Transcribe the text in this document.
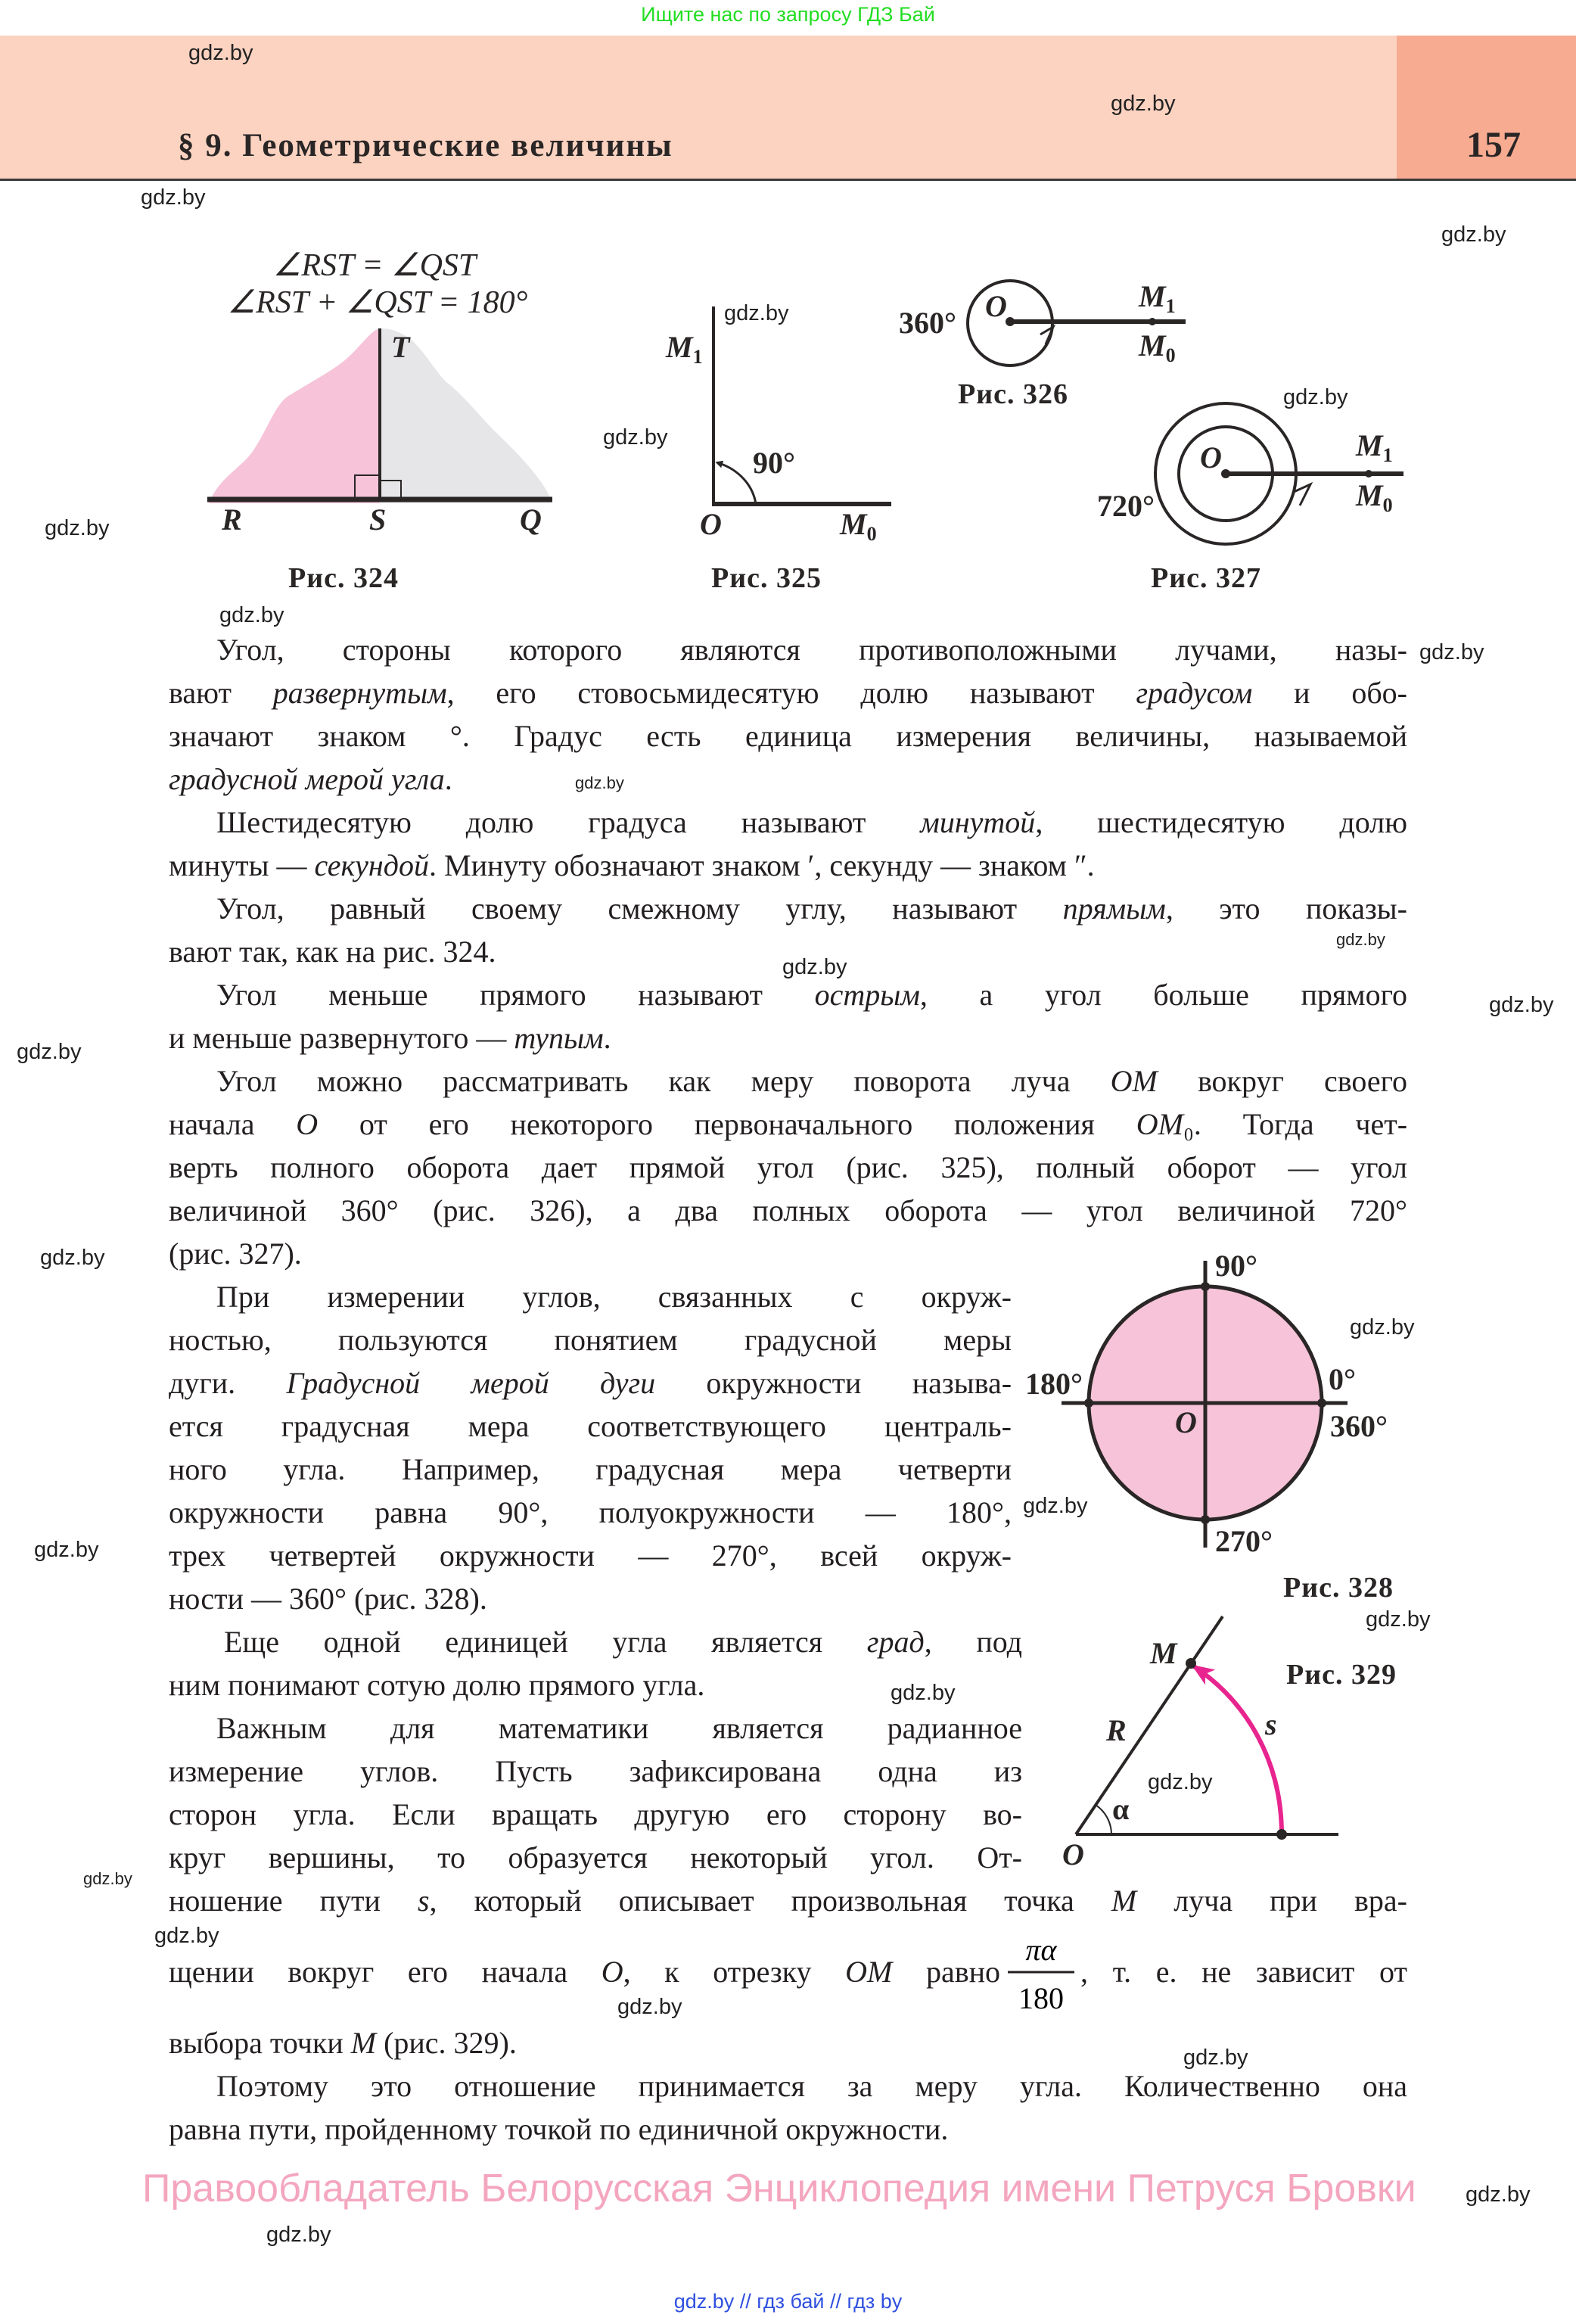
Ищите нас по запросу ГДЗ Бай
§ 9. Геометрические величины	157
gdz.by
gdz.by
gdz.by
gdz.by
gdz.by
gdz.by
gdz.by
gdz.by
gdz.by
gdz.by
gdz.by
gdz.by
gdz.by
gdz.by
gdz.by
gdz.by
gdz.by
gdz.by
gdz.by
gdz.by
gdz.by
gdz.by
gdz.by
gdz.by
gdz.by
gdz.by
gdz.by
gdz.by
∠RST = ∠QST
∠RST + ∠QST = 180°
T
R	S	Q
Рис. 324
90°
$M_1$
O	$M_0$
Рис. 325
360° O	$M_1$
$M_0$
Рис. 326
720°
O	$M_1$
$M_0$
Рис. 327
90°
180°	0°
360°
O
270°
Рис. 328
M
R	s
α
O
Рис. 329
πα
180
Угол, стороны которого являются противоположными лучами, назы-
вают развернутым, его стовосьмидесятую долю называют градусом и обо-
значают знаком °. Градус есть единица измерения величины, называемой
градусной мерой угла.
Шестидесятую долю градуса называют минутой, шестидесятую долю
минуты — секундой. Минуту обозначают знаком ′, секунду — знаком ″.
Угол, равный своему смежному углу, называют прямым, это показы-
вают так, как на рис. 324.
Угол меньше прямого называют острым, а угол больше прямого
и меньше развернутого — тупым.
Угол можно рассматривать как меру поворота луча OM вокруг своего
начала O от его некоторого первоначального положения OM₀. Тогда чет-
верть полного оборота дает прямой угол (рис. 325), полный оборот — угол
величиной 360° (рис. 326), а два полных оборота — угол величиной 720°
(рис. 327).
При измерении углов, связанных с окруж-
ностью, пользуются понятием градусной меры
дуги. Градусной мерой дуги окружности называ-
ется градусная мера соответствующего централь-
ного угла. Например, градусная мера четверти
окружности равна 90°, полуокружности — 180°,
трех четвертей окружности — 270°, всей окруж-
ности — 360° (рис. 328).
Еще одной единицей угла является град, под
ним понимают сотую долю прямого угла.
Важным для математики является радианное
измерение углов. Пусть зафиксирована одна из
сторон угла. Если вращать другую его сторону во-
круг вершины, то образуется некоторый угол. От-
ношение пути s, который описывает произвольная точка M луча при вра-
щении вокруг его начала O, к отрезку OM равно	, т. е. не зависит от
выбора точки M (рис. 329).
Поэтому это отношение принимается за меру угла. Количественно она
равна пути, пройденному точкой по единичной окружности.
Правообладатель Белорусская Энциклопедия имени Петруся Бровки
gdz.by // гдз бай // гдз by
